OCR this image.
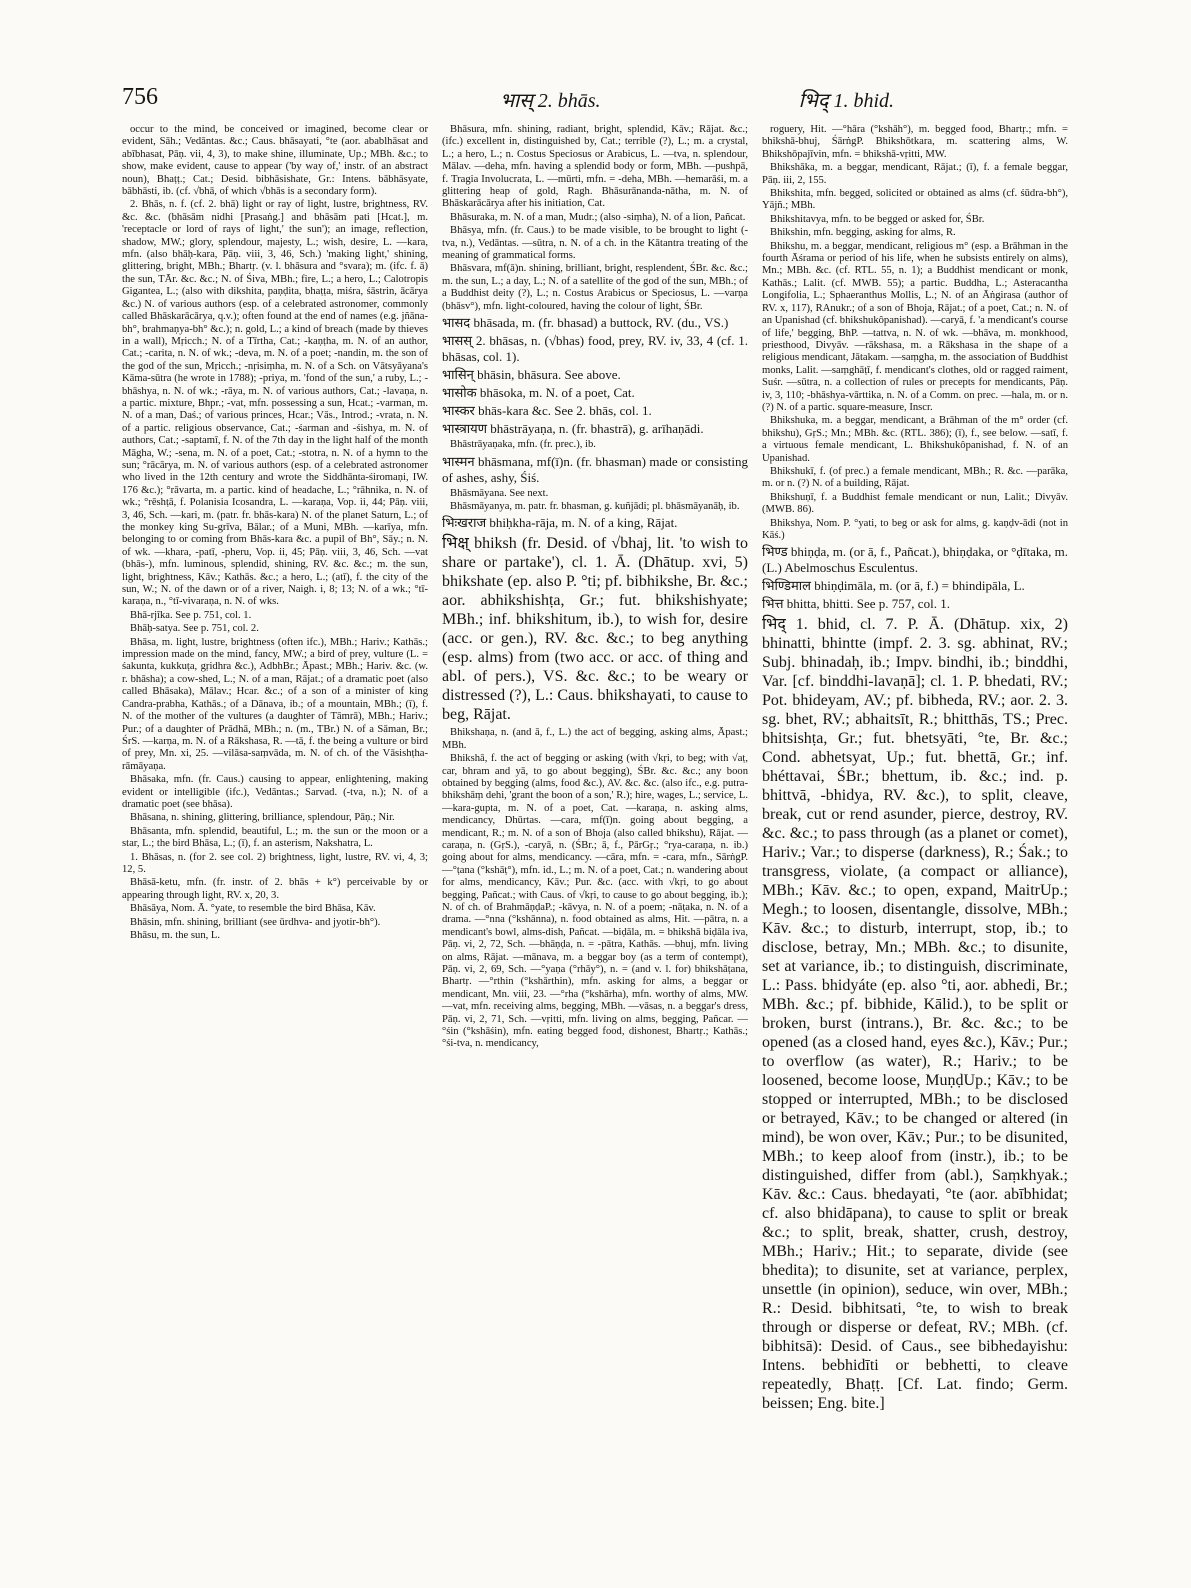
756	भास् 2. bhās.	भिद् 1. bhid.

occur to the mind, be conceived or imagined, become clear or evident, Sāh.; Vedāntas. &c.; Caus. bhāsayati, °te (aor. abablhāsat and abībhasat, Pāṇ. vii, 4, 3), to make shine, illuminate, Up.; MBh. &c.; to show, make evident, cause to appear ('by way of,' instr. of an abstract noun), Bhaṭṭ.; Cat.; Desid. bibhāsishate, Gr.: Intens. bābhāsyate, bābhāsti, ib. (cf. √bhā, of which √bhās is a secondary form).

2. Bhās, n. f. (cf. 2. bhā) light or ray of light, lustre, brightness, RV. &c. &c. (bhāsām nidhi [Prasaṅg.] and bhāsām pati [Hcat.], m. 'receptacle or lord of rays of light,' the sun'); an image, reflection, shadow, MW.; glory, splendour, majesty, L.; wish, desire, L. —kara, mfn. (also bhāḥ-kara, Pāṇ. viii, 3, 46, Sch.) 'making light,' shining, glittering, bright, MBh.; Bhartṛ. (v. l. bhāsura and °svara); m. (ifc. f. ā) the sun, TĀr. &c. &c.; N. of Śiva, MBh.; fire, L.; a hero, L.; Calotropis Gigantea, L.; (also with dikshita, paṇḍita, bhaṭṭa, miśra, śāstrin, ācārya &c.) N. of various authors (esp. of a celebrated astronomer, commonly called Bhāskarācārya, q.v.); often found at the end of names (e.g. jñāna-bh°, brahmaṇya-bh° &c.); n. gold, L.; a kind of breach (made by thieves in a wall), Mṛicch.; N. of a Tīrtha, Cat.; -kaṇṭha, m. N. of an author, Cat.; -carita, n. N. of wk.; -deva, m. N. of a poet; -nandin, m. the son of the god of the sun, Mṛicch.; -nṛisiṃha, m. N. of a Sch. on Vātsyāyana's Kāma-sūtra (he wrote in 1788); -priya, m. 'fond of the sun,' a ruby, L.; -bhāshya, n. N. of wk.; -rāya, m. N. of various authors, Cat.; -lavaṇa, n. a partic. mixture, Bhpr.; -vat, mfn. possessing a sun, Hcat.; -varman, m. N. of a man, Daś.; of various princes, Hcar.; Vās., Introd.; -vrata, n. N. of a partic. religious observance, Cat.; -śarman and -śishya, m. N. of authors, Cat.; -saptamī, f. N. of the 7th day in the light half of the month Māgha, W.; -sena, m. N. of a poet, Cat.; -stotra, n. N. of a hymn to the sun; °rācārya, m. N. of various authors (esp. of a celebrated astronomer who lived in the 12th century and wrote the Siddhānta-śiromaṇi, IW. 176 &c.); °rāvarta, m. a partic. kind of headache, L.; °rāhnika, n. N. of wk.; °rēshṭā, f. Polanisia Icosandra, L. —karaṇa, Vop. ii, 44; Pāṇ. viii, 3, 46, Sch. —kari, m. (patr. fr. bhās-kara) N. of the planet Saturn, L.; of the monkey king Su-grīva, Bālar.; of a Muni, MBh. —karīya, mfn. belonging to or coming from Bhās-kara &c. a pupil of Bh°, Sāy.; n. N. of wk. —khara, -patī, -pheru, Vop. ii, 45; Pāṇ. viii, 3, 46, Sch. —vat (bhās-), mfn. luminous, splendid, shining, RV. &c. &c.; m. the sun, light, brightness, Kāv.; Kathās. &c.; a hero, L.; (atī), f. the city of the sun, W.; N. of the dawn or of a river, Naigh. i, 8; 13; N. of a wk.; °tī-karaṇa, n., °tī-vivaraṇa, n. N. of wks.

Bhā-rjīka. See p. 751, col. 1.

Bhāḥ-satya. See p. 751, col. 2.

Bhāsa, m. light, lustre, brightness (often ifc.), MBh.; Hariv.; Kathās.; impression made on the mind, fancy, MW.; a bird of prey, vulture (L. = śakunta, kukkuṭa, gṛidhra &c.), AdbhBr.; Āpast.; MBh.; Hariv. &c. (w. r. bhāsha); a cow-shed, L.; N. of a man, Rājat.; of a dramatic poet (also called Bhāsaka), Mālav.; Hcar. &c.; of a son of a minister of king Candra-prabha, Kathās.; of a Dānava, ib.; of a mountain, MBh.; (ī), f. N. of the mother of the vultures (a daughter of Tāmrā), MBh.; Hariv.; Pur.; of a daughter of Prādhā, MBh.; n. (m., TBr.) N. of a Sāman, Br.; ŚrS. —karṇa, m. N. of a Rākshasa, R. —tā, f. the being a vulture or bird of prey, Mn. xi, 25. —vilāsa-saṃvāda, m. N. of ch. of the Vāsishṭha-rāmāyaṇa.

Bhāsaka, mfn. (fr. Caus.) causing to appear, enlightening, making evident or intelligible (ifc.), Vedāntas.; Sarvad. (-tva, n.); N. of a dramatic poet (see bhāsa).

Bhāsana, n. shining, glittering, brilliance, splendour, Pāṇ.; Nir.

Bhāsanta, mfn. splendid, beautiful, L.; m. the sun or the moon or a star, L.; the bird Bhāsa, L.; (ī), f. an asterism, Nakshatra, L.

1. Bhāsas, n. (for 2. see col. 2) brightness, light, lustre, RV. vi, 4, 3; 12, 5.

Bhāsā-ketu, mfn. (fr. instr. of 2. bhās + k°) perceivable by or appearing through light, RV. x, 20, 3.

Bhāsāya, Nom. Ā. °yate, to resemble the bird Bhāsa, Kāv.

Bhāsin, mfn. shining, brilliant (see ūrdhva- and jyotir-bh°).

Bhāsu, m. the sun, L.

Bhāsura, mfn. shining, radiant, bright, splendid, Kāv.; Rājat. &c.; (ifc.) excellent in, distinguished by, Cat.; terrible (?), L.; m. a crystal, L.; a hero, L.; n. Costus Speciosus or Arabicus, L. —tva, n. splendour, Mālav. —deha, mfn. having a splendid body or form, MBh. —pushpā, f. Tragia Involucrata, L. —mūrti, mfn. = -deha, MBh. —hemarāśi, m. a glittering heap of gold, Ragh. Bhāsurānanda-nātha, m. N. of Bhāskarācārya after his initiation, Cat.

Bhāsuraka, m. N. of a man, Mudr.; (also -siṃha), N. of a lion, Pañcat.

Bhāsya, mfn. (fr. Caus.) to be made visible, to be brought to light (-tva, n.), Vedāntas. —sūtra, n. N. of a ch. in the Kātantra treating of the meaning of grammatical forms.

Bhāsvara, mf(ā)n. shining, brilliant, bright, resplendent, ŚBr. &c. &c.; m. the sun, L.; a day, L.; N. of a satellite of the god of the sun, MBh.; of a Buddhist deity (?), L.; n. Costus Arabicus or Speciosus, L. —varṇa (bhāsv°), mfn. light-coloured, having the colour of light, ŚBr.

भासद bhāsada, m. (fr. bhasad) a buttock, RV. (du., VS.)

भासस् 2. bhāsas, n. (√bhas) food, prey, RV. iv, 33, 4 (cf. 1. bhāsas, col. 1).

भासिन् bhāsin, bhāsura. See above.

भासोक bhāsoka, m. N. of a poet, Cat.

भास्कर bhās-kara &c. See 2. bhās, col. 1.

भास्त्रायण bhāstrāyaṇa, n. (fr. bhastrā), g. arīhaṇādi.

Bhāstrāyaṇaka, mfn. (fr. prec.), ib.

भास्मन bhāsmana, mf(ī)n. (fr. bhasman) made or consisting of ashes, ashy, Śiś.

Bhāsmāyana. See next.

Bhāsmāyanya, m. patr. fr. bhasman, g. kuñjādi; pl. bhāsmāyanāḥ, ib.

भिःखराज bhiḥkha-rāja, m. N. of a king, Rājat.

भिक्ष् bhiksh (fr. Desid. of √bhaj, lit. 'to wish to share or partake'), cl. 1. Ā. (Dhātup. xvi, 5) bhikshate (ep. also P. °ti; pf. bibhikshe, Br. &c.; aor. abhikshishṭa, Gr.; fut. bhikshishyate; MBh.; inf. bhikshitum, ib.), to wish for, desire (acc. or gen.), RV. &c. &c.; to beg anything (esp. alms) from (two acc. or acc. of thing and abl. of pers.), VS. &c. &c.; to be weary or distressed (?), L.: Caus. bhikshayati, to cause to beg, Rājat.

Bhikshaṇa, n. (and ā, f., L.) the act of begging, asking alms, Āpast.; MBh.

Bhikshā, f. the act of begging or asking (with √kṛi, to beg; with √aṭ, car, bhram and yā, to go about begging), ŚBr. &c. &c.; any boon obtained by begging (alms, food &c.), AV. &c. &c. (also ifc., e.g. putra-bhikshāṃ dehi, 'grant the boon of a son,' R.); hire, wages, L.; service, L. —kara-gupta, m. N. of a poet, Cat. —karaṇa, n. asking alms, mendicancy, Dhūrtas. —cara, mf(ī)n. going about begging, a mendicant, R.; m. N. of a son of Bhoja (also called bhikshu), Rājat. —caraṇa, n. (GṛS.), -caryā, n. (ŚBr.; ā, f., PārGṛ.; °rya-caraṇa, n. ib.) going about for alms, mendicancy. —cāra, mfn. = -cara, mfn., SārṅgP. —°ṭana (°kshāṭ°), mfn. id., L.; m. N. of a poet, Cat.; n. wandering about for alms, mendicancy, Kāv.; Pur. &c. (acc. with √kṛi, to go about begging, Pañcat.; with Caus. of √kṛi, to cause to go about begging, ib.); N. of ch. of BrahmāṇḍaP.; -kāvya, n. N. of a poem; -nāṭaka, n. N. of a drama. —°nna (°kshānna), n. food obtained as alms, Hit. —pātra, n. a mendicant's bowl, alms-dish, Pañcat. —biḍāla, m. = bhikshā biḍāla iva, Pāṇ. vi, 2, 72, Sch. —bhāṇḍa, n. = -pātra, Kathās. —bhuj, mfn. living on alms, Rājat. —mānava, m. a beggar boy (as a term of contempt), Pāṇ. vi, 2, 69, Sch. —°yaṇa (°rhāy°), n. = (and v. l. for) bhikshāṭana, Bhartṛ. —°rthin (°kshārthin), mfn. asking for alms, a beggar or mendicant, Mn. viii, 23. —°rha (°kshārha), mfn. worthy of alms, MW. —vat, mfn. receiving alms, begging, MBh. —vāsas, n. a beggar's dress, Pāṇ. vi, 2, 71, Sch. —vṛitti, mfn. living on alms, begging, Pañcar. —°śin (°kshāśin), mfn. eating begged food, dishonest, Bhartṛ.; Kathās.; °śi-tva, n. mendicancy,

roguery, Hit. —°hāra (°kshāh°), m. begged food, Bhartṛ.; mfn. = bhikshā-bhuj, ŚārṅgP. Bhikshōtkara, m. scattering alms, W. Bhikshōpajīvin, mfn. = bhikshā-vṛitti, MW.

Bhikshāka, m. a beggar, mendicant, Rājat.; (ī), f. a female beggar, Pāṇ. iii, 2, 155.

Bhikshita, mfn. begged, solicited or obtained as alms (cf. śūdra-bh°), Yājñ.; MBh.

Bhikshitavya, mfn. to be begged or asked for, ŚBr.

Bhikshin, mfn. begging, asking for alms, R.

Bhikshu, m. a beggar, mendicant, religious m° (esp. a Brāhman in the fourth Āśrama or period of his life, when he subsists entirely on alms), Mn.; MBh. &c. (cf. RTL. 55, n. 1); a Buddhist mendicant or monk, Kathās.; Lalit. (cf. MWB. 55); a partic. Buddha, L.; Asteracantha Longifolia, L.; Sphaeranthus Mollis, L.; N. of an Āṅgirasa (author of RV. x, 117), RAnukr.; of a son of Bhoja, Rājat.; of a poet, Cat.; n. N. of an Upanishad (cf. bhikshukôpanishad). —caryā, f. 'a mendicant's course of life,' begging, BhP. —tattva, n. N. of wk. —bhāva, m. monkhood, priesthood, Divyāv. —rākshasa, m. a Rākshasa in the shape of a religious mendicant, Jātakam. —saṃgha, m. the association of Buddhist monks, Lalit. —saṃghāṭī, f. mendicant's clothes, old or ragged raiment, Suśr. —sūtra, n. a collection of rules or precepts for mendicants, Pāṇ. iv, 3, 110; -bhāshya-vārttika, n. N. of a Comm. on prec. —hala, m. or n. (?) N. of a partic. square-measure, Inscr.

Bhikshuka, m. a beggar, mendicant, a Brāhman of the m° order (cf. bhikshu), GṛS.; Mn.; MBh. &c. (RTL. 386); (ī), f., see below. —satī, f. a virtuous female mendicant, L. Bhikshukôpanishad, f. N. of an Upanishad.

Bhikshukī, f. (of prec.) a female mendicant, MBh.; R. &c. —parāka, m. or n. (?) N. of a building, Rājat.

Bhikshuṇī, f. a Buddhist female mendicant or nun, Lalit.; Divyāv. (MWB. 86).

Bhikshya, Nom. P. °yati, to beg or ask for alms, g. kaṇḍv-ādi (not in Kāś.)

भिण्ड bhiṇḍa, m. (or ā, f., Pañcat.), bhiṇḍaka, or °ḍītaka, m. (L.) Abelmoschus Esculentus.

भिण्डिमाल bhiṇḍimāla, m. (or ā, f.) = bhindipāla, L.

भित्त bhitta, bhitti. See p. 757, col. 1.

भिद् 1. bhid, cl. 7. P. Ā. (Dhātup. xix, 2) bhinatti, bhintte (impf. 2. 3. sg. abhinat, RV.; Subj. bhinadaḥ, ib.; Impv. bindhi, ib.; binddhi, Var. [cf. binddhi-lavaṇā]; cl. 1. P. bhedati, RV.; Pot. bhideyam, AV.; pf. bibheda, RV.; aor. 2. 3. sg. bhet, RV.; abhaitsīt, R.; bhitthās, TS.; Prec. bhitsishṭa, Gr.; fut. bhetsyāti, °te, Br. &c.; Cond. abhetsyat, Up.; fut. bhettā, Gr.; inf. bhéttavai, ŚBr.; bhettum, ib. &c.; ind. p. bhittvā, -bhidya, RV. &c.), to split, cleave, break, cut or rend asunder, pierce, destroy, RV. &c. &c.; to pass through (as a planet or comet), Hariv.; Var.; to disperse (darkness), R.; Śak.; to transgress, violate, (a compact or alliance), MBh.; Kāv. &c.; to open, expand, MaitrUp.; Megh.; to loosen, disentangle, dissolve, MBh.; Kāv. &c.; to disturb, interrupt, stop, ib.; to disclose, betray, Mn.; MBh. &c.; to disunite, set at variance, ib.; to distinguish, discriminate, L.: Pass. bhidyáte (ep. also °ti, aor. abhedi, Br.; MBh. &c.; pf. bibhide, Kālid.), to be split or broken, burst (intrans.), Br. &c. &c.; to be opened (as a closed hand, eyes &c.), Kāv.; Pur.; to overflow (as water), R.; Hariv.; to be loosened, become loose, MuṇḍUp.; Kāv.; to be stopped or interrupted, MBh.; to be disclosed or betrayed, Kāv.; to be changed or altered (in mind), be won over, Kāv.; Pur.; to be disunited, MBh.; to keep aloof from (instr.), ib.; to be distinguished, differ from (abl.), Saṃkhyak.; Kāv. &c.: Caus. bhedayati, °te (aor. abībhidat; cf. also bhidāpana), to cause to split or break &c.; to split, break, shatter, crush, destroy, MBh.; Hariv.; Hit.; to separate, divide (see bhedita); to disunite, set at variance, perplex, unsettle (in opinion), seduce, win over, MBh.; R.: Desid. bibhitsati, °te, to wish to break through or disperse or defeat, RV.; MBh. (cf. bibhitsā): Desid. of Caus., see bibhedayishu: Intens. bebhidīti or bebhetti, to cleave repeatedly, Bhaṭṭ. [Cf. Lat. findo; Germ. beissen; Eng. bite.]
